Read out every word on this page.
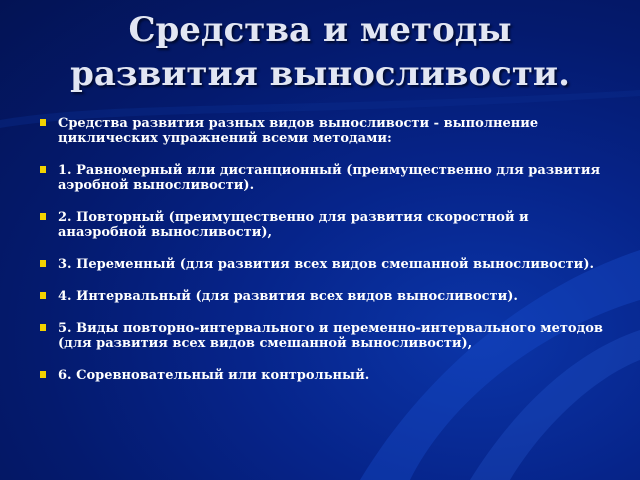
Средства и методы
развития выносливости.
Средства развития разных видов выносливости - выполнение циклических упражнений всеми методами:
1. Равномерный или дистанционный (преимущественно для развития аэробной выносливости).
2. Повторный (преимущественно для развития скоростной и анаэробной выносливости),
3. Переменный (для развития всех видов смешанной выносливости).
4. Интервальный (для развития всех видов выносливости).
5. Виды повторно-интервального и переменно-интервального методов (для развития всех видов смешанной выносливости),
6. Соревновательный или контрольный.
